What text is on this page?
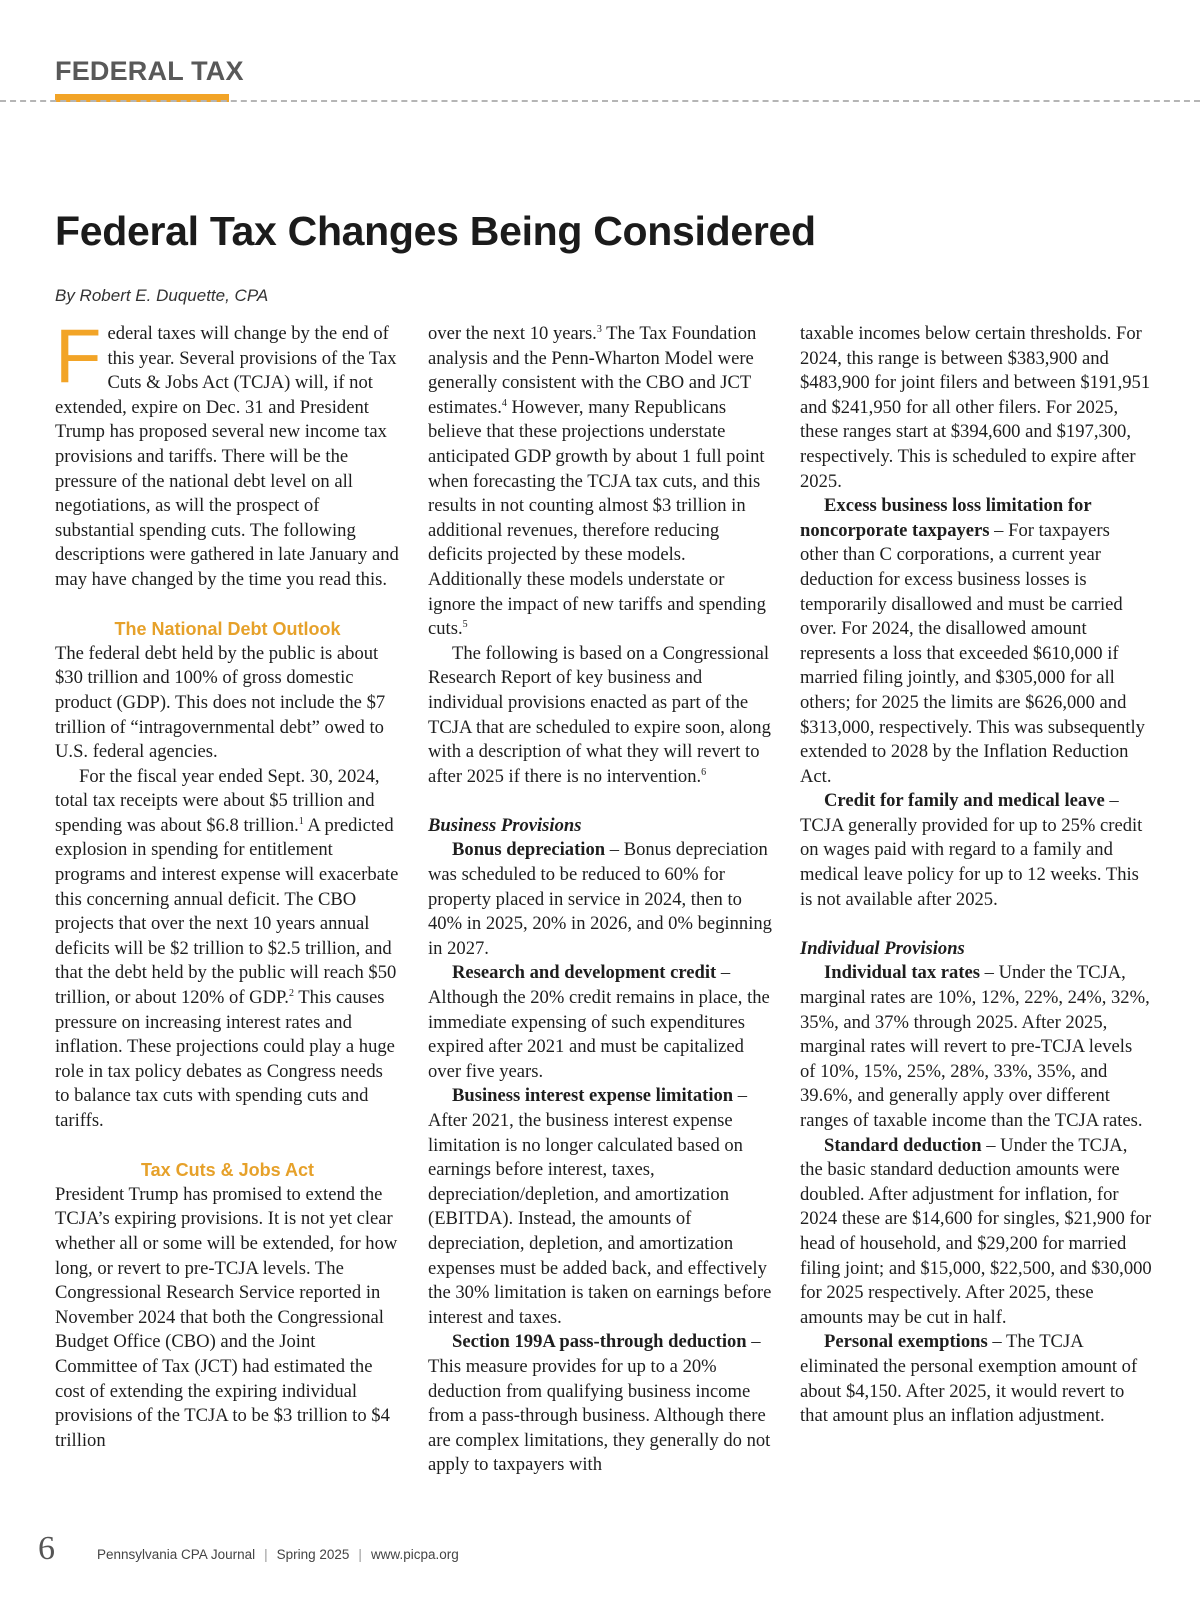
FEDERAL TAX
Federal Tax Changes Being Considered
By Robert E. Duquette, CPA

Federal taxes will change by the end of this year. Several provisions of the Tax Cuts & Jobs Act (TCJA) will, if not extended, expire on Dec. 31 and President Trump has proposed several new income tax provisions and tariffs. There will be the pressure of the national debt level on all negotiations, as will the prospect of substantial spending cuts. The following descriptions were gathered in late January and may have changed by the time you read this.

The National Debt Outlook

The federal debt held by the public is about $30 trillion and 100% of gross domestic product (GDP). This does not include the $7 trillion of “intragovernmental debt” owed to U.S. federal agencies.

For the fiscal year ended Sept. 30, 2024, total tax receipts were about $5 trillion and spending was about $6.8 trillion.$^1$ A predicted explosion in spending for entitlement programs and interest expense will exacerbate this concerning annual deficit. The CBO projects that over the next 10 years annual deficits will be $2 trillion to $2.5 trillion, and that the debt held by the public will reach $50 trillion, or about 120% of GDP.$^2$ This causes pressure on increasing interest rates and inflation. These projections could play a huge role in tax policy debates as Congress needs to balance tax cuts with spending cuts and tariffs.

Tax Cuts & Jobs Act

President Trump has promised to extend the TCJA’s expiring provisions. It is not yet clear whether all or some will be extended, for how long, or revert to pre-TCJA levels. The Congressional Research Service reported in November 2024 that both the Congressional Budget Office (CBO) and the Joint Committee of Tax (JCT) had estimated the cost of extending the expiring individual provisions of the TCJA to be $3 trillion to $4 trillion

over the next 10 years.$^3$ The Tax Foundation analysis and the Penn-Wharton Model were generally consistent with the CBO and JCT estimates.$^4$ However, many Republicans believe that these projections understate anticipated GDP growth by about 1 full point when forecasting the TCJA tax cuts, and this results in not counting almost $3 trillion in additional revenues, therefore reducing deficits projected by these models. Additionally these models understate or ignore the impact of new tariffs and spending cuts.$^5$

The following is based on a Congressional Research Report of key business and individual provisions enacted as part of the TCJA that are scheduled to expire soon, along with a description of what they will revert to after 2025 if there is no intervention.$^6$

Business Provisions

Bonus depreciation – Bonus depreciation was scheduled to be reduced to 60% for property placed in service in 2024, then to 40% in 2025, 20% in 2026, and 0% beginning in 2027.

Research and development credit – Although the 20% credit remains in place, the immediate expensing of such expenditures expired after 2021 and must be capitalized over five years.

Business interest expense limitation – After 2021, the business interest expense limitation is no longer calculated based on earnings before interest, taxes, depreciation/depletion, and amortization (EBITDA). Instead, the amounts of depreciation, depletion, and amortization expenses must be added back, and effectively the 30% limitation is taken on earnings before interest and taxes.

Section 199A pass-through deduction – This measure provides for up to a 20% deduction from qualifying business income from a pass-through business. Although there are complex limitations, they generally do not apply to taxpayers with

taxable incomes below certain thresholds. For 2024, this range is between $383,900 and $483,900 for joint filers and between $191,951 and $241,950 for all other filers. For 2025, these ranges start at $394,600 and $197,300, respectively. This is scheduled to expire after 2025.

Excess business loss limitation for noncorporate taxpayers – For taxpayers other than C corporations, a current year deduction for excess business losses is temporarily disallowed and must be carried over. For 2024, the disallowed amount represents a loss that exceeded $610,000 if married filing jointly, and $305,000 for all others; for 2025 the limits are $626,000 and $313,000, respectively. This was subsequently extended to 2028 by the Inflation Reduction Act.

Credit for family and medical leave – TCJA generally provided for up to 25% credit on wages paid with regard to a family and medical leave policy for up to 12 weeks. This is not available after 2025.

Individual Provisions

Individual tax rates – Under the TCJA, marginal rates are 10%, 12%, 22%, 24%, 32%, 35%, and 37% through 2025. After 2025, marginal rates will revert to pre-TCJA levels of 10%, 15%, 25%, 28%, 33%, 35%, and 39.6%, and generally apply over different ranges of taxable income than the TCJA rates.

Standard deduction – Under the TCJA, the basic standard deduction amounts were doubled. After adjustment for inflation, for 2024 these are $14,600 for singles, $21,900 for head of household, and $29,200 for married filing joint; and $15,000, $22,500, and $30,000 for 2025 respectively. After 2025, these amounts may be cut in half.

Personal exemptions – The TCJA eliminated the personal exemption amount of about $4,150. After 2025, it would revert to that amount plus an inflation adjustment.

6	Pennsylvania CPA Journal | Spring 2025 | www.picpa.org
